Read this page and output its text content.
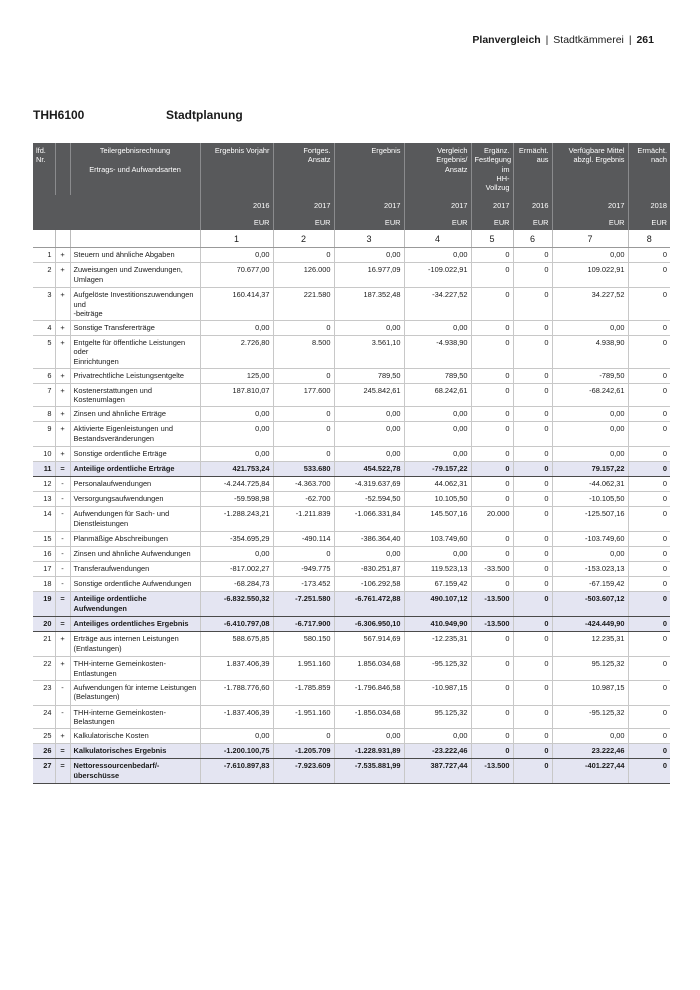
Planvergleich | Stadtkämmerei | 261
THH6100	Stadtplanung
lfd.
Nr.		Teilergebnisrechnung

Ertrags- und Aufwandsarten	Ergebnis Vorjahr	Fortges.
Ansatz	Ergebnis	Vergleich Ergebnis/
Ansatz	Ergänz.
Festlegung im
HH-Vollzug	Ermächt.
aus	Verfügbare Mittel
abzgl. Ergebnis	Ermächt.
nach
			2016	2017	2017	2017	2017	2016	2017	2018
			EUR	EUR	EUR	EUR	EUR	EUR	EUR	EUR
			1	2	3	4	5	6	7	8
1	+	Steuern und ähnliche Abgaben	0,00	0	0,00	0,00	0	0	0,00	0
2	+	Zuweisungen und Zuwendungen,
Umlagen	70.677,00	126.000	16.977,09	-109.022,91	0	0	109.022,91	0
3	+	Aufgelöste Investitionszuwendungen und
-beiträge	160.414,37	221.580	187.352,48	-34.227,52	0	0	34.227,52	0
4	+	Sonstige Transfererträge	0,00	0	0,00	0,00	0	0	0,00	0
5	+	Entgelte für öffentliche Leistungen oder
Einrichtungen	2.726,80	8.500	3.561,10	-4.938,90	0	0	4.938,90	0
6	+	Privatrechtliche Leistungsentgelte	125,00	0	789,50	789,50	0	0	-789,50	0
7	+	Kostenerstattungen und Kostenumlagen	187.810,07	177.600	245.842,61	68.242,61	0	0	-68.242,61	0
8	+	Zinsen und ähnliche Erträge	0,00	0	0,00	0,00	0	0	0,00	0
9	+	Aktivierte Eigenleistungen und
Bestandsveränderungen	0,00	0	0,00	0,00	0	0	0,00	0
10	+	Sonstige ordentliche Erträge	0,00	0	0,00	0,00	0	0	0,00	0
11	=	Anteilige ordentliche Erträge	421.753,24	533.680	454.522,78	-79.157,22	0	0	79.157,22	0
12	-	Personalaufwendungen	-4.244.725,84	-4.363.700	-4.319.637,69	44.062,31	0	0	-44.062,31	0
13	-	Versorgungsaufwendungen	-59.598,98	-62.700	-52.594,50	10.105,50	0	0	-10.105,50	0
14	-	Aufwendungen für Sach- und
Dienstleistungen	-1.288.243,21	-1.211.839	-1.066.331,84	145.507,16	20.000	0	-125.507,16	0
15	-	Planmäßige Abschreibungen	-354.695,29	-490.114	-386.364,40	103.749,60	0	0	-103.749,60	0
16	-	Zinsen und ähnliche Aufwendungen	0,00	0	0,00	0,00	0	0	0,00	0
17	-	Transferaufwendungen	-817.002,27	-949.775	-830.251,87	119.523,13	-33.500	0	-153.023,13	0
18	-	Sonstige ordentliche Aufwendungen	-68.284,73	-173.452	-106.292,58	67.159,42	0	0	-67.159,42	0
19	=	Anteilige ordentliche
Aufwendungen	-6.832.550,32	-7.251.580	-6.761.472,88	490.107,12	-13.500	0	-503.607,12	0
20	=	Anteiliges ordentliches Ergebnis	-6.410.797,08	-6.717.900	-6.306.950,10	410.949,90	-13.500	0	-424.449,90	0
21	+	Erträge aus internen Leistungen
(Entlastungen)	588.675,85	580.150	567.914,69	-12.235,31	0	0	12.235,31	0
22	+	THH-interne Gemeinkosten-Entlastungen	1.837.406,39	1.951.160	1.856.034,68	-95.125,32	0	0	95.125,32	0
23	-	Aufwendungen für interne Leistungen
(Belastungen)	-1.788.776,60	-1.785.859	-1.796.846,58	-10.987,15	0	0	10.987,15	0
24	-	THH-interne Gemeinkosten-Belastungen	-1.837.406,39	-1.951.160	-1.856.034,68	95.125,32	0	0	-95.125,32	0
25	+	Kalkulatorische Kosten	0,00	0	0,00	0,00	0	0	0,00	0
26	=	Kalkulatorisches Ergebnis	-1.200.100,75	-1.205.709	-1.228.931,89	-23.222,46	0	0	23.222,46	0
27	=	Nettoressourcenbedarf/-
überschüsse	-7.610.897,83	-7.923.609	-7.535.881,99	387.727,44	-13.500	0	-401.227,44	0
